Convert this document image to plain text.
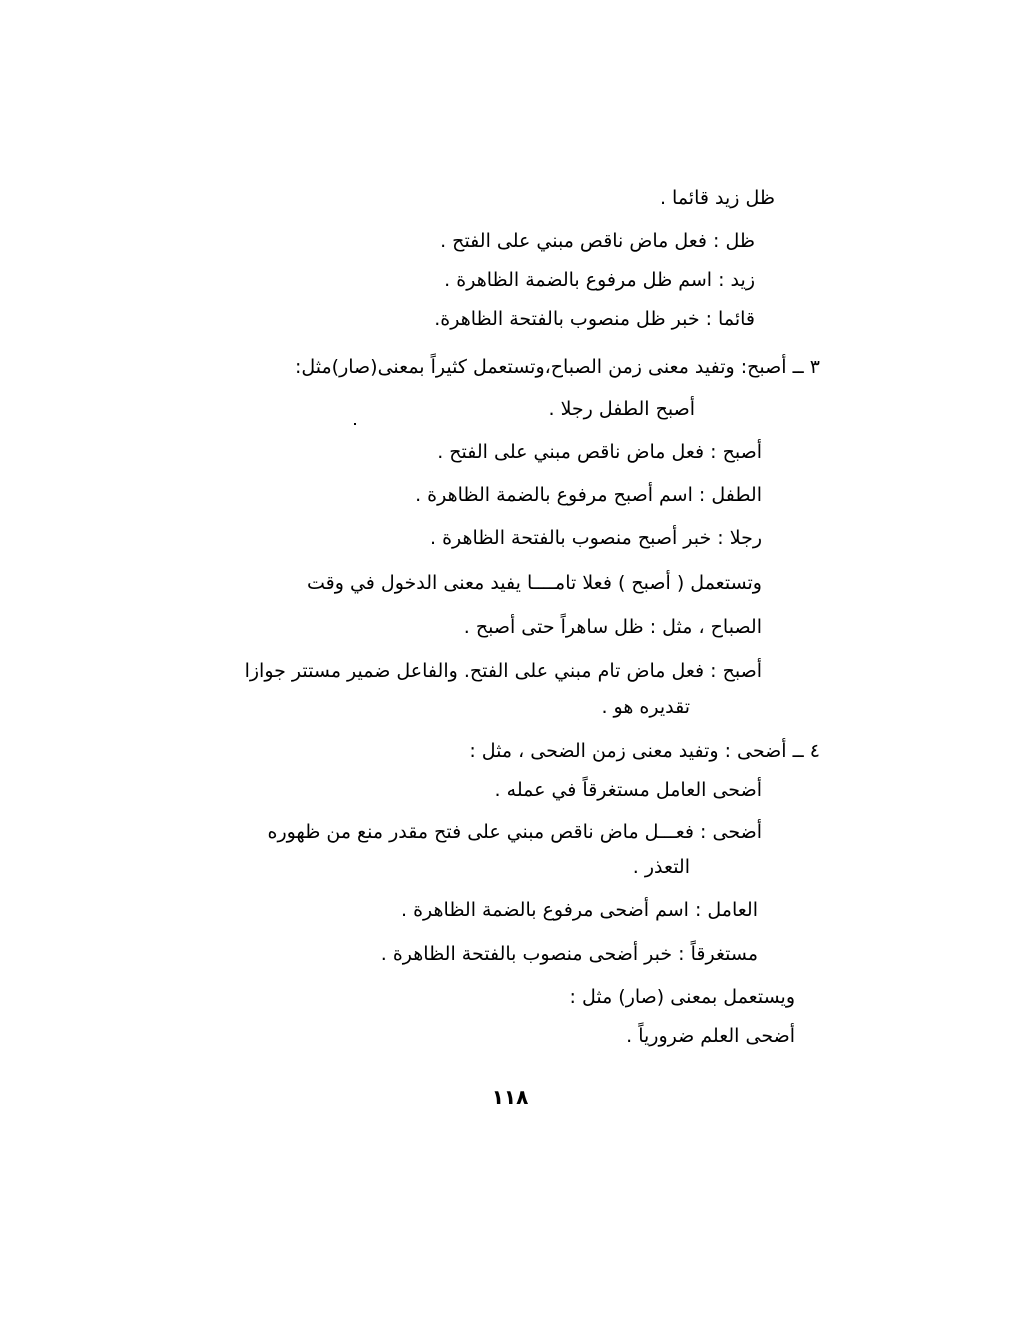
ظل زيد قائما .
ظل : فعل ماض ناقص مبني على الفتح .
زيد : اسم ظل مرفوع بالضمة الظاهرة .
قائما : خبر ظل منصوب بالفتحة الظاهرة.
٣ ــ أصبح: وتفيد معنى زمن الصباح،وتستعمل كثيراً بمعنى(صار)مثل:
أصبح الطفل رجلا .
أصبح : فعل ماض ناقص مبني على الفتح .
الطفل : اسم أصبح مرفوع بالضمة الظاهرة .
رجلا : خبر أصبح منصوب بالفتحة الظاهرة .
وتستعمل ( أصبح ) فعلا تامــــا يفيد معنى الدخول في وقت
الصباح ، مثل : ظل ساهراً حتى أصبح .
أصبح : فعل ماض تام مبني على الفتح. والفاعل ضمير مستتر جوازا
تقديره هو .
٤ ــ أضحى : وتفيد معنى زمن الضحى ، مثل :
أضحى العامل مستغرقاً في عمله .
أضحى : فعـــل ماض ناقص مبني على فتح مقدر منع من ظهوره
التعذر .
العامل : اسم أضحى مرفوع بالضمة الظاهرة .
مستغرقاً : خبر أضحى منصوب بالفتحة الظاهرة .
ويستعمل بمعنى (صار) مثل :
أضحى العلم ضرورياً .
١١٨
